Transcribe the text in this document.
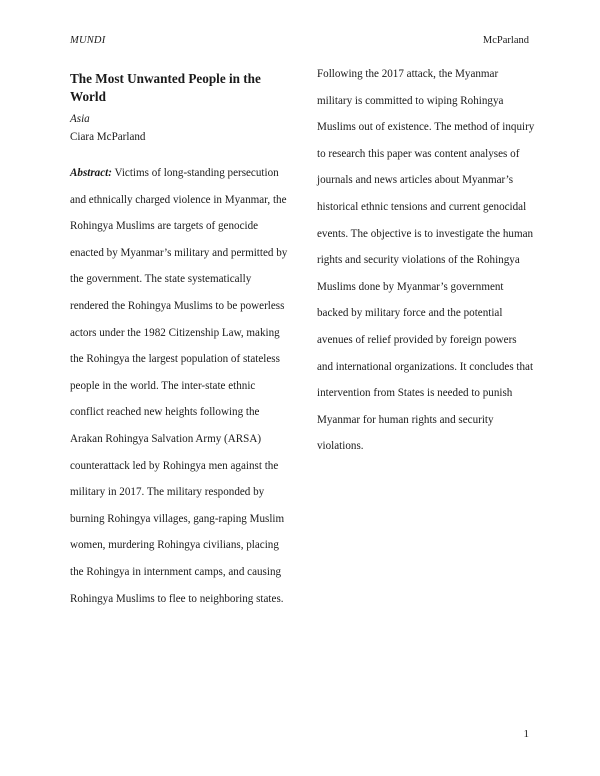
MUNDI	McParland
The Most Unwanted People in the World
Asia
Ciara McParland

Abstract: Victims of long-standing persecution and ethnically charged violence in Myanmar, the Rohingya Muslims are targets of genocide enacted by Myanmar’s military and permitted by the government. The state systematically rendered the Rohingya Muslims to be powerless actors under the 1982 Citizenship Law, making the Rohingya the largest population of stateless people in the world. The inter-state ethnic conflict reached new heights following the Arakan Rohingya Salvation Army (ARSA) counterattack led by Rohingya men against the military in 2017. The military responded by burning Rohingya villages, gang-raping Muslim women, murdering Rohingya civilians, placing the Rohingya in internment camps, and causing Rohingya Muslims to flee to neighboring states.

Following the 2017 attack, the Myanmar military is committed to wiping Rohingya Muslims out of existence. The method of inquiry to research this paper was content analyses of journals and news articles about Myanmar’s historical ethnic tensions and current genocidal events. The objective is to investigate the human rights and security violations of the Rohingya Muslims done by Myanmar’s government backed by military force and the potential avenues of relief provided by foreign powers and international organizations. It concludes that intervention from States is needed to punish Myanmar for human rights and security violations.

1
